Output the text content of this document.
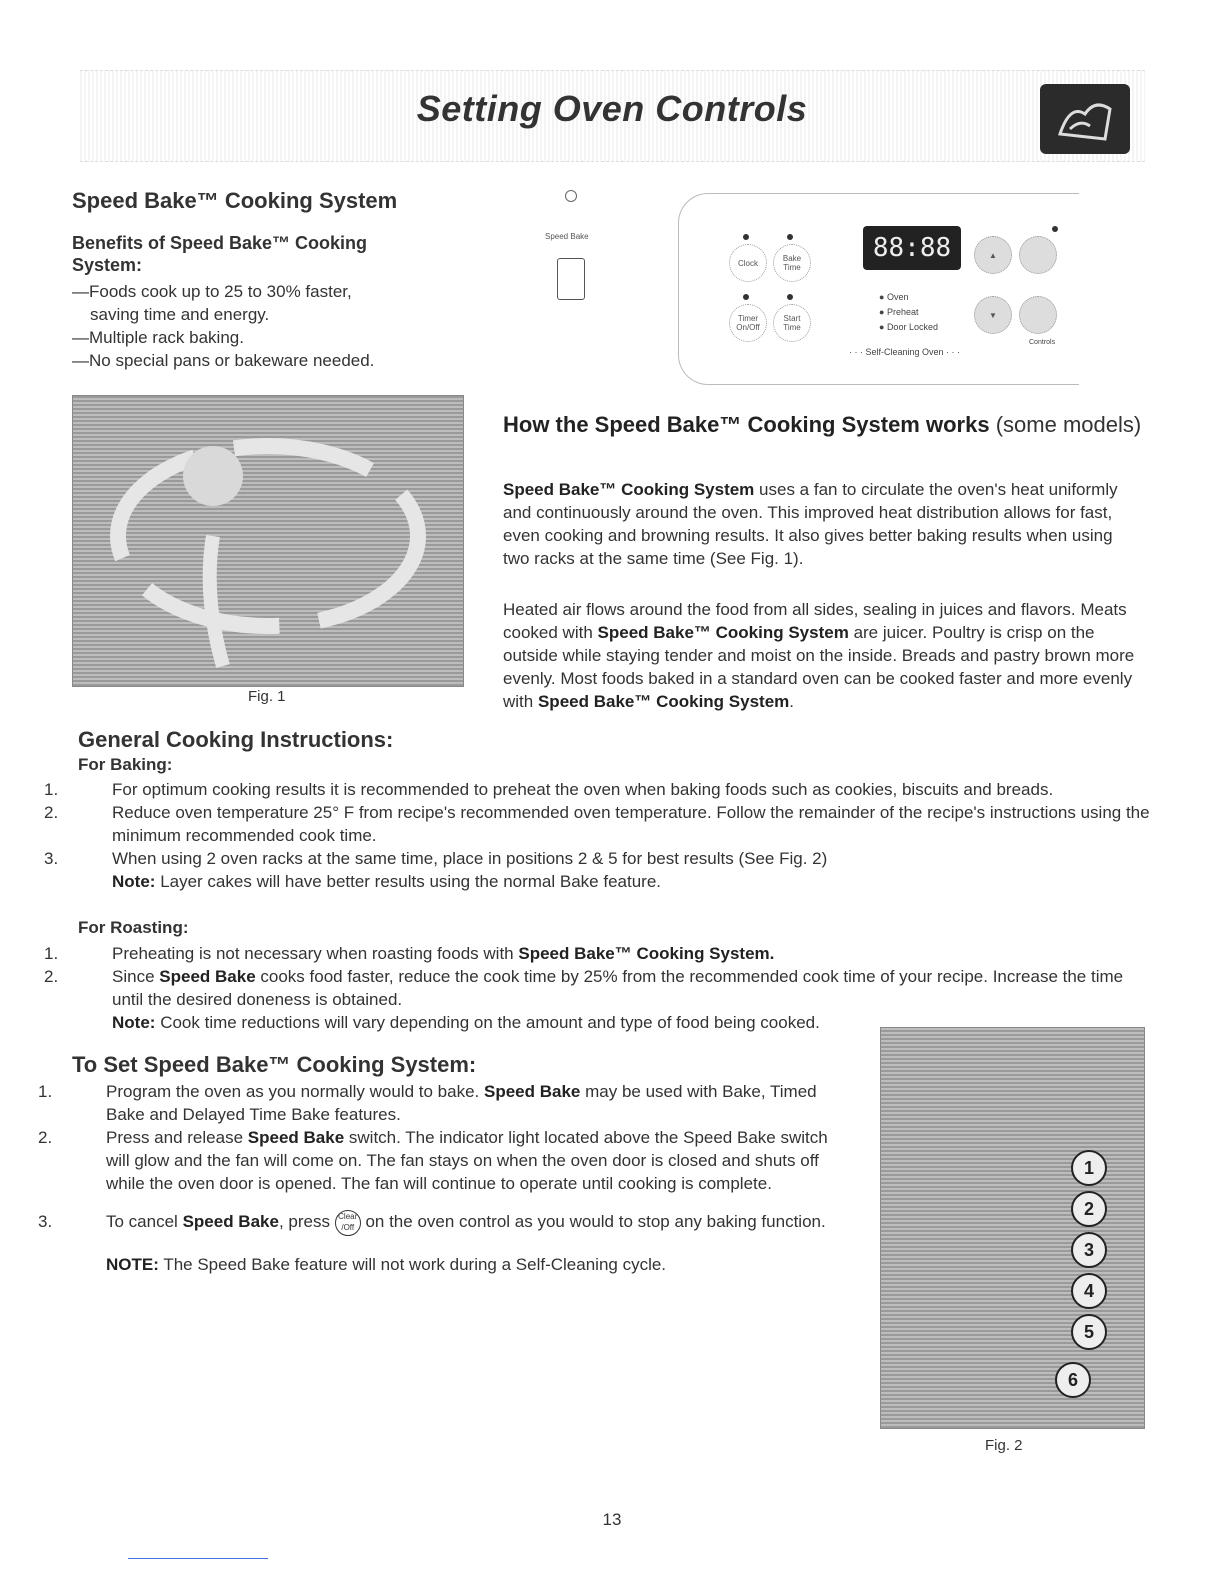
Setting Oven Controls
Speed Bake™ Cooking System
Benefits of Speed Bake™ Cooking System:

—Foods cook up to 25 to 30% faster,

saving time and energy.

—Multiple rack baking.

—No special pans or bakeware needed.

Speed Bake
Clock	Bake Time
Timer On/Off
Start Time
88:88	▲
▼
● Oven
● Preheat
● Door Locked
· · · Self-Cleaning Oven · · ·
Controls
Fig. 1
How the Speed Bake™ Cooking System works (some models)
Speed Bake™ Cooking System uses a fan to circulate the oven's heat uniformly and continuously around the oven. This improved heat distribution allows for fast, even cooking and browning results. It also gives better baking results when using two racks at the same time (See Fig. 1).
Heated air flows around the food from all sides, sealing in juices and flavors. Meats cooked with Speed Bake™ Cooking System are juicer. Poultry is crisp on the outside while staying tender and moist on the inside. Breads and pastry brown more evenly. Most foods baked in a standard oven can be cooked faster and more evenly with Speed Bake™ Cooking System.
General Cooking Instructions:
For Baking:
1.	For optimum cooking results it is recommended to preheat the oven when baking foods such as cookies, biscuits and breads.
2.	Reduce oven temperature 25° F from recipe's recommended oven temperature. Follow the remainder of the recipe's instructions using the minimum recommended cook time.
3.	When using 2 oven racks at the same time, place in positions 2 & 5 for best results (See Fig. 2)
Note: Layer cakes will have better results using the normal Bake feature.
For Roasting:
1.	Preheating is not necessary when roasting foods with Speed Bake™ Cooking System.
2.	Since Speed Bake cooks food faster, reduce the cook time by 25% from the recommended cook time of your recipe. Increase the time until the desired doneness is obtained.
Note: Cook time reductions will vary depending on the amount and type of food being cooked.
To Set Speed Bake™ Cooking System:
1.	Program the oven as you normally would to bake. Speed Bake may be used with Bake, Timed Bake and Delayed Time Bake features.
2.	Press and release Speed Bake switch. The indicator light located above the Speed Bake switch will glow and the fan will come on. The fan stays on when the oven door is closed and shuts off while the oven door is opened. The fan will continue to operate until cooking is complete.
3.	To cancel Speed Bake, press Clear /Off on the oven control as you would to stop any baking function.
NOTE: The Speed Bake feature will not work during a Self-Cleaning cycle.
1
2
3
4
5
6
Fig. 2
13
